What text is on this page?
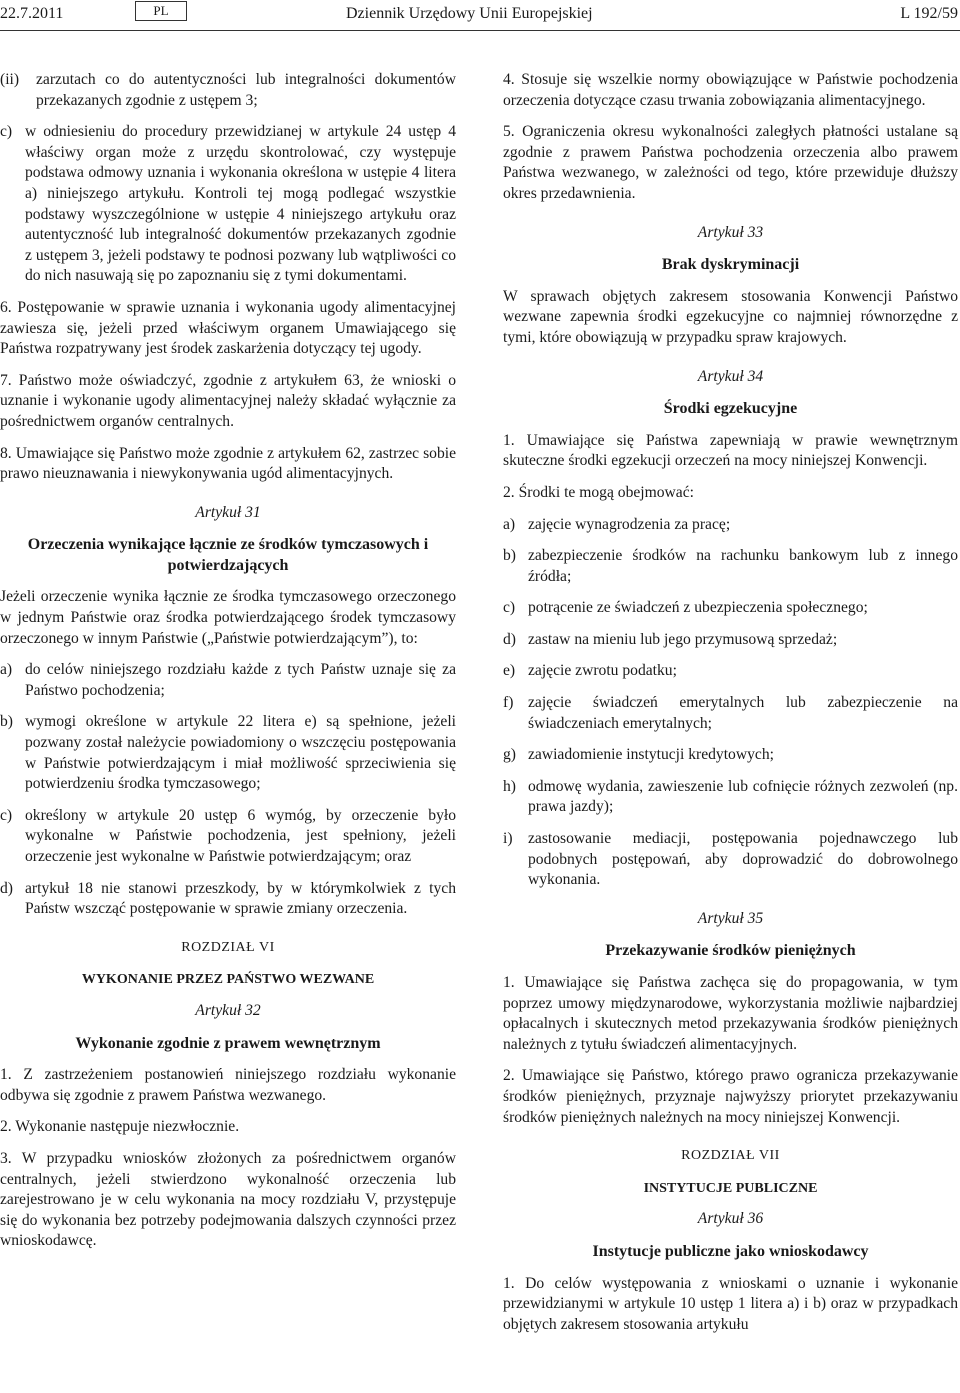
22.7.2011	PL	Dziennik Urzędowy Unii Europejskiej	L 192/59
(ii)	zarzutach co do autentyczności lub integralności dokumentów przekazanych zgodnie z ustępem 3;
c) w odniesieniu do procedury przewidzianej w artykule 24 ustęp 4 właściwy organ może z urzędu skontrolować, czy występuje podstawa odmowy uznania i wykonania określona w ustępie 4 litera a) niniejszego artykułu. Kontroli tej mogą podlegać wszystkie podstawy wyszczególnione w ustępie 4 niniejszego artykułu oraz autentyczność lub integralność dokumentów przekazanych zgodnie z ustępem 3, jeżeli podstawy te podnosi pozwany lub wątpliwości co do nich nasuwają się po zapoznaniu się z tymi dokumentami.

6. Postępowanie w sprawie uznania i wykonania ugody alimentacyjnej zawiesza się, jeżeli przed właściwym organem Umawiającego się Państwa rozpatrywany jest środek zaskarżenia dotyczący tej ugody.

7. Państwo może oświadczyć, zgodnie z artykułem 63, że wnioski o uznanie i wykonanie ugody alimentacyjnej należy składać wyłącznie za pośrednictwem organów centralnych.

8. Umawiające się Państwo może zgodnie z artykułem 62, zastrzec sobie prawo nieuznawania i niewykonywania ugód alimentacyjnych.

Artykuł 31
Orzeczenia wynikające łącznie ze środków tymczasowych i potwierdzających

Jeżeli orzeczenie wynika łącznie ze środka tymczasowego orzeczonego w jednym Państwie oraz środka potwierdzającego środek tymczasowy orzeczonego w innym Państwie („Państwie potwierdzającym”), to:

a) do celów niniejszego rozdziału każde z tych Państw uznaje się za Państwo pochodzenia;
b) wymogi określone w artykule 22 litera e) są spełnione, jeżeli pozwany został należycie powiadomiony o wszczęciu postępowania w Państwie potwierdzającym i miał możliwość sprzeciwienia się potwierdzeniu środka tymczasowego;
c) określony w artykule 20 ustęp 6 wymóg, by orzeczenie było wykonalne w Państwie pochodzenia, jest spełniony, jeżeli orzeczenie jest wykonalne w Państwie potwierdzającym; oraz
d) artykuł 18 nie stanowi przeszkody, by w którymkolwiek z tych Państw wszcząć postępowanie w sprawie zmiany orzeczenia.
ROZDZIAŁ VI
WYKONANIE PRZEZ PAŃSTWO WEZWANE
Artykuł 32
Wykonanie zgodnie z prawem wewnętrznym

1. Z zastrzeżeniem postanowień niniejszego rozdziału wykonanie odbywa się zgodnie z prawem Państwa wezwanego.

2. Wykonanie następuje niezwłocznie.

3. W przypadku wniosków złożonych za pośrednictwem organów centralnych, jeżeli stwierdzono wykonalność orzeczenia lub zarejestrowano je w celu wykonania na mocy rozdziału V, przystępuje się do wykonania bez potrzeby podejmowania dalszych czynności przez wnioskodawcę.

4. Stosuje się wszelkie normy obowiązujące w Państwie pochodzenia orzeczenia dotyczące czasu trwania zobowiązania alimentacyjnego.

5. Ograniczenia okresu wykonalności zaległych płatności ustalane są zgodnie z prawem Państwa pochodzenia orzeczenia albo prawem Państwa wezwanego, w zależności od tego, które przewiduje dłuższy okres przedawnienia.

Artykuł 33
Brak dyskryminacji

W sprawach objętych zakresem stosowania Konwencji Państwo wezwane zapewnia środki egzekucyjne co najmniej równorzędne z tymi, które obowiązują w przypadku spraw krajowych.

Artykuł 34
Środki egzekucyjne

1. Umawiające się Państwa zapewniają w prawie wewnętrznym skuteczne środki egzekucji orzeczeń na mocy niniejszej Konwencji.

2. Środki te mogą obejmować:

a) zajęcie wynagrodzenia za pracę;
b) zabezpieczenie środków na rachunku bankowym lub z innego źródła;
c) potrącenie ze świadczeń z ubezpieczenia społecznego;
d) zastaw na mieniu lub jego przymusową sprzedaż;
e) zajęcie zwrotu podatku;
f) zajęcie świadczeń emerytalnych lub zabezpieczenie na świadczeniach emerytalnych;
g) zawiadomienie instytucji kredytowych;
h) odmowę wydania, zawieszenie lub cofnięcie różnych zezwoleń (np. prawa jazdy);
i) zastosowanie mediacji, postępowania pojednawczego lub podobnych postępowań, aby doprowadzić do dobrowolnego wykonania.
Artykuł 35
Przekazywanie środków pieniężnych

1. Umawiające się Państwa zachęca się do propagowania, w tym poprzez umowy międzynarodowe, wykorzystania możliwie najbardziej opłacalnych i skutecznych metod przekazywania środków pieniężnych należnych z tytułu świadczeń alimentacyjnych.

2. Umawiające się Państwo, którego prawo ogranicza przekazywanie środków pieniężnych, przyznaje najwyższy priorytet przekazywaniu środków pieniężnych należnych na mocy niniejszej Konwencji.

ROZDZIAŁ VII
INSTYTUCJE PUBLICZNE
Artykuł 36
Instytucje publiczne jako wnioskodawcy

1. Do celów występowania z wnioskami o uznanie i wykonanie przewidzianymi w artykule 10 ustęp 1 litera a) i b) oraz w przypadkach objętych zakresem stosowania artykułu
